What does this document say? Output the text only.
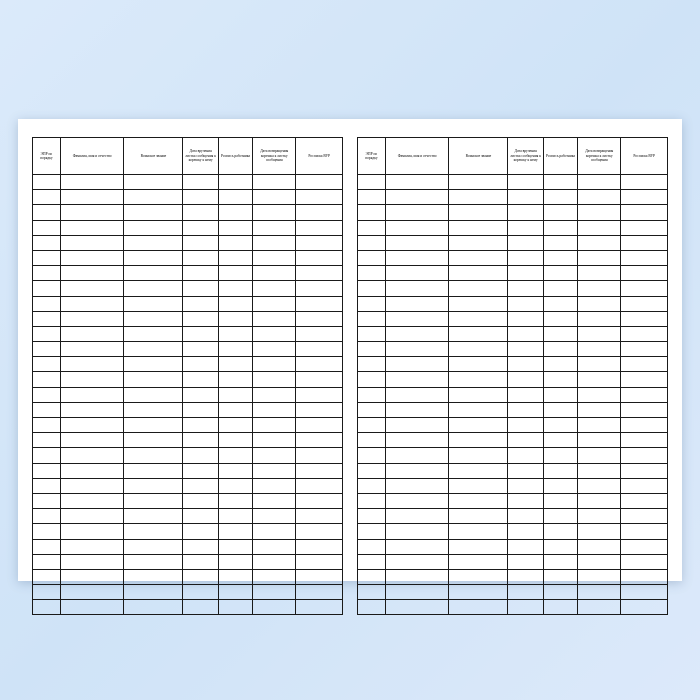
ЭПР по порядку	Фамилия, имя и отчество	Воинское звание	Дата вручения листка сообщения к корешку к нему	Роспись работника	Дата возвращения корешка к листку сообщения	Росписка ВУР

ЭПР по порядку	Фамилия, имя и отчество	Воинское звание	Дата вручения листка сообщения к корешку к нему	Роспись работника	Дата возвращения корешка к листку сообщения	Росписка ВУР
